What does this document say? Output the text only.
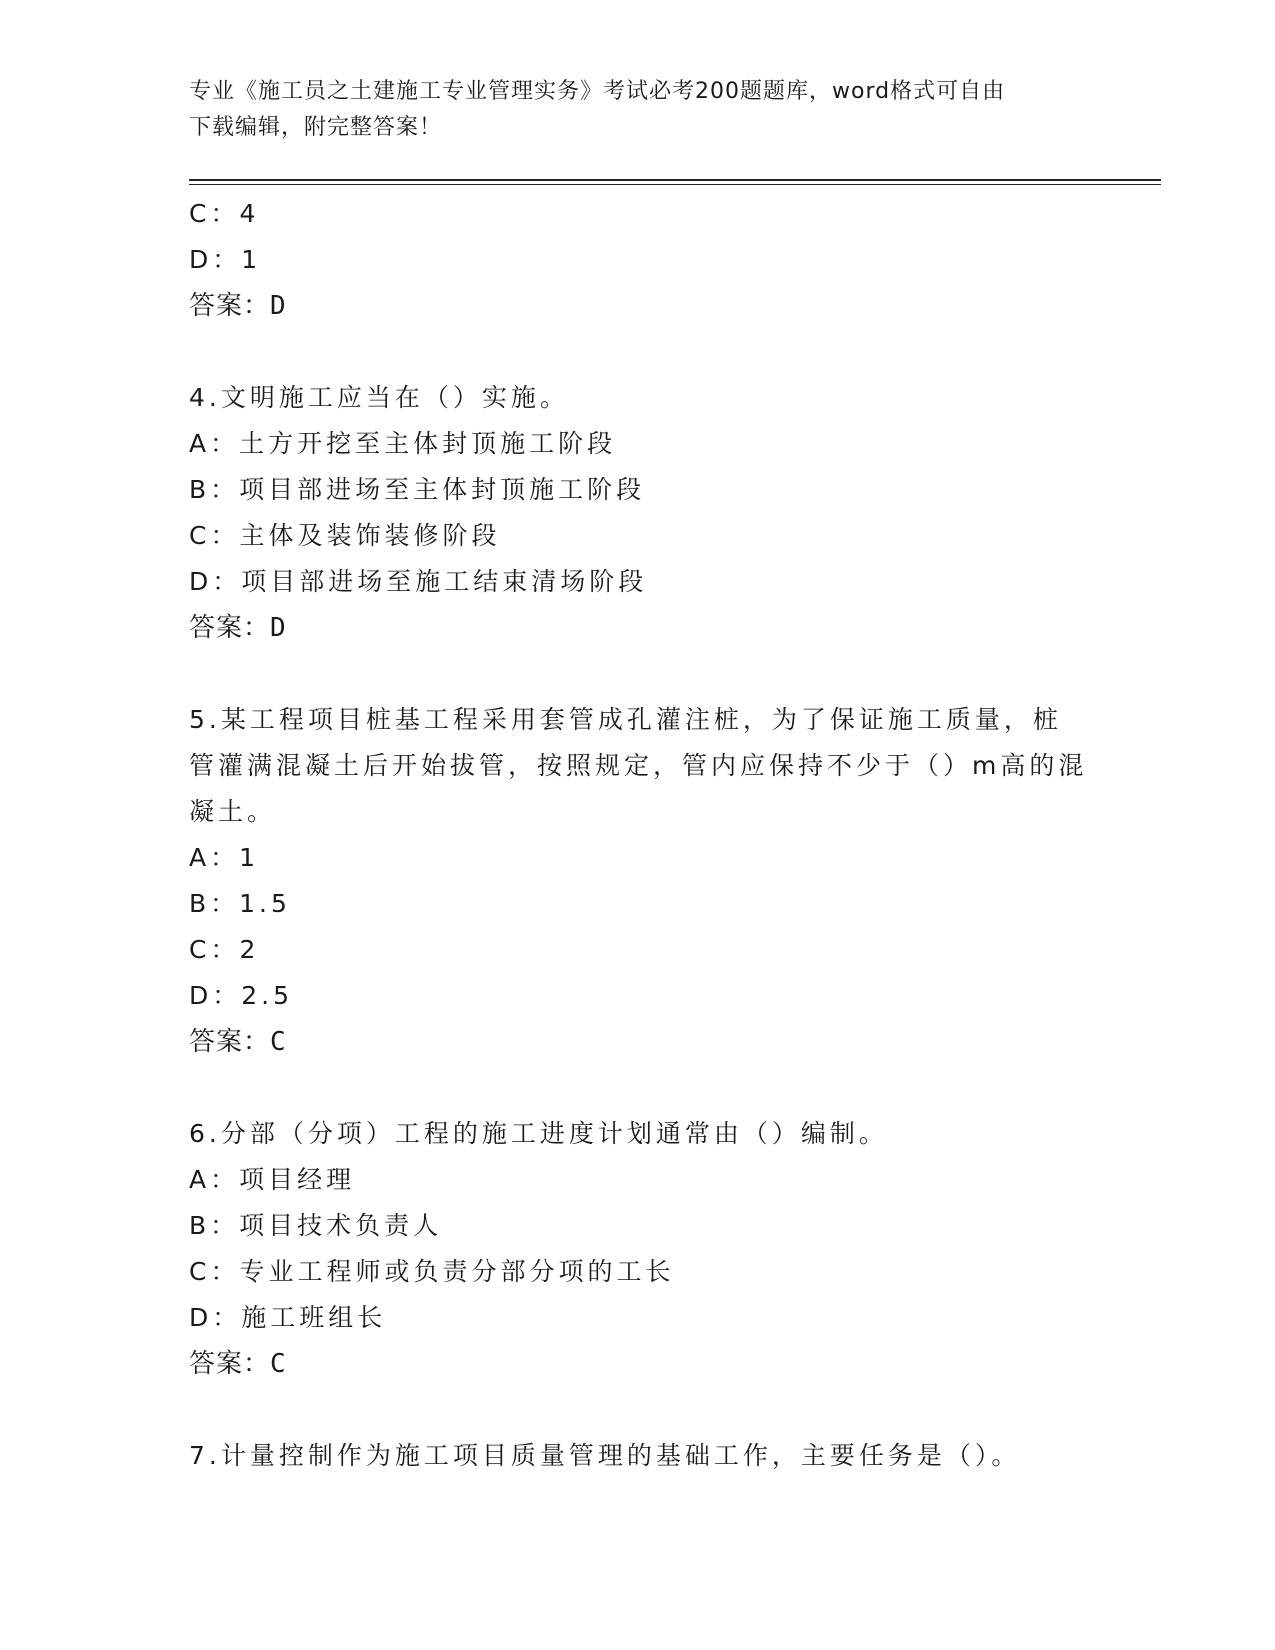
专业《施工员之土建施工专业管理实务》考试必考200题题库，word格式可自由
下载编辑，附完整答案！
C：4
D：1
答案：D
4.文明施工应当在（）实施。
A：土方开挖至主体封顶施工阶段
B：项目部进场至主体封顶施工阶段
C：主体及装饰装修阶段
D：项目部进场至施工结束清场阶段
答案：D
5.某工程项目桩基工程采用套管成孔灌注桩，为了保证施工质量，桩
管灌满混凝土后开始拔管，按照规定，管内应保持不少于（）m高的混
凝土。
A：1
B：1.5
C：2
D：2.5
答案：C
6.分部（分项）工程的施工进度计划通常由（）编制。
A：项目经理
B：项目技术负责人
C：专业工程师或负责分部分项的工长
D：施工班组长
答案：C
7.计量控制作为施工项目质量管理的基础工作，主要任务是（）。
